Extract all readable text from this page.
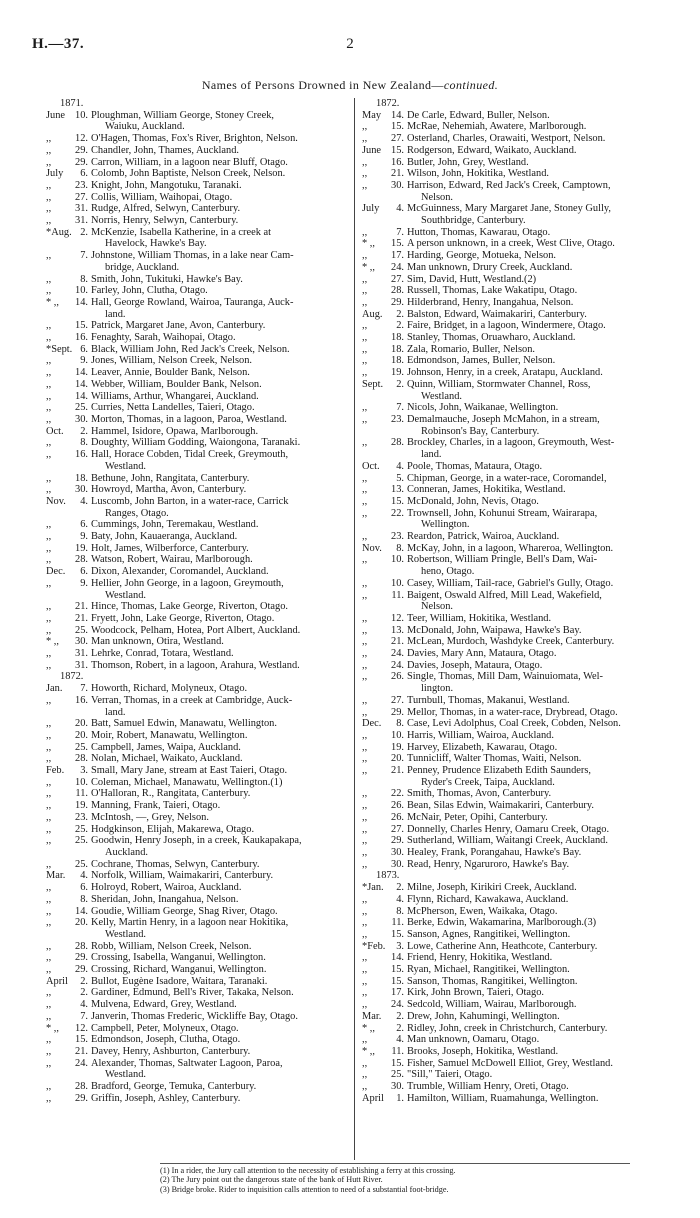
H.—37.	2
Names of Persons Drowned in New Zealand—continued.
1871.
June 10. Ploughman, William George, Stoney Creek,
Waiuku, Auckland.
,,	12. O'Hagen, Thomas, Fox's River, Brighton, Nelson.
,,	29. Chandler, John, Thames, Auckland.
,,	29. Carron, William, in a lagoon near Bluff, Otago.
July	6. Colomb, John Baptiste, Nelson Creek, Nelson.
,,	23. Knight, John, Mangotuku, Taranaki.
,,	27. Collis, William, Waihopai, Otago.
,,	31. Rudge, Alfred, Selwyn, Canterbury.
,,	31. Norris, Henry, Selwyn, Canterbury.
*Aug. 2. McKenzie, Isabella Katherine, in a creek at
Havelock, Hawke's Bay.
,,	7. Johnstone, William Thomas, in a lake near Cam-
bridge, Auckland.
,,	8. Smith, John, Tukituki, Hawke's Bay.
,,	10. Farley, John, Clutha, Otago.
* ,,	14. Hall, George Rowland, Wairoa, Tauranga, Auck-
land.
,,	15. Patrick, Margaret Jane, Avon, Canterbury.
,,	16. Fenaghty, Sarah, Waihopai, Otago.
*Sept. 6. Black, William John, Red Jack's Creek, Nelson.
,,	9. Jones, William, Nelson Creek, Nelson.
,,	14. Leaver, Annie, Boulder Bank, Nelson.
,,	14. Webber, William, Boulder Bank, Nelson.
,,	14. Williams, Arthur, Whangarei, Auckland.
,,	25. Curries, Netta Landelles, Taieri, Otago.
,,	30. Morton, Thomas, in a lagoon, Paroa, Westland.
Oct.	2. Hammel, Isidore, Opawa, Marlborough.
,,	8. Doughty, William Godding, Waiongona, Taranaki.
,,	16. Hall, Horace Cobden, Tidal Creek, Greymouth,
Westland.
,,	18. Bethune, John, Rangitata, Canterbury.
,,	30. Howroyd, Martha, Avon, Canterbury.
Nov.	4. Luscomb, John Barton, in a water-race, Carrick
Ranges, Otago.
,,	6. Cummings, John, Teremakau, Westland.
,,	9. Baty, John, Kauaeranga, Auckland.
,,	19. Holt, James, Wilberforce, Canterbury.
,,	28. Watson, Robert, Wairau, Marlborough.
Dec.	6. Dixon, Alexander, Coromandel, Auckland.
,,	9. Hellier, John George, in a lagoon, Greymouth,
Westland.
,,	21. Hince, Thomas, Lake George, Riverton, Otago.
,,	21. Fryett, John, Lake George, Riverton, Otago.
,,	25. Woodcock, Pelham, Hotea, Port Albert, Auckland.
* ,,	30. Man unknown, Otira, Westland.
,,	31. Lehrke, Conrad, Totara, Westland.
,,	31. Thomson, Robert, in a lagoon, Arahura, Westland.
1872.
Jan.	7. Howorth, Richard, Molyneux, Otago.
,,	16. Verran, Thomas, in a creek at Cambridge, Auck-
land.
,,	20. Batt, Samuel Edwin, Manawatu, Wellington.
,,	20. Moir, Robert, Manawatu, Wellington.
,,	25. Campbell, James, Waipa, Auckland.
,,	28. Nolan, Michael, Waikato, Auckland.
Feb.	3. Small, Mary Jane, stream at East Taieri, Otago.
,,	10. Coleman, Michael, Manawatu, Wellington.(1)
,,	11. O'Halloran, R., Rangitata, Canterbury.
,,	19. Manning, Frank, Taieri, Otago.
,,	23. McIntosh, —, Grey, Nelson.
,,	25. Hodgkinson, Elijah, Makarewa, Otago.
,,	25. Goodwin, Henry Joseph, in a creek, Kaukapakapa,
Auckland.
,,	25. Cochrane, Thomas, Selwyn, Canterbury.
Mar.	4. Norfolk, William, Waimakariri, Canterbury.
,,	6. Holroyd, Robert, Wairoa, Auckland.
,,	8. Sheridan, John, Inangahua, Nelson.
,,	14. Goudie, William George, Shag River, Otago.
,,	20. Kelly, Martin Henry, in a lagoon near Hokitika,
Westland.
,,	28. Robb, William, Nelson Creek, Nelson.
,,	29. Crossing, Isabella, Wanganui, Wellington.
,,	29. Crossing, Richard, Wanganui, Wellington.
April	2. Bullot, Eugène Isadore, Waitara, Taranaki.
,,	2. Gardiner, Edmund, Bell's River, Takaka, Nelson.
,,	4. Mulvena, Edward, Grey, Westland.
,,	7. Janverin, Thomas Frederic, Wickliffe Bay, Otago.
* ,,	12. Campbell, Peter, Molyneux, Otago.
,,	15. Edmondson, Joseph, Clutha, Otago.
,,	21. Davey, Henry, Ashburton, Canterbury.
,,	24. Alexander, Thomas, Saltwater Lagoon, Paroa,
Westland.
,,	28. Bradford, George, Temuka, Canterbury.
,,	29. Griffin, Joseph, Ashley, Canterbury.
1872.
May 14. De Carle, Edward, Buller, Nelson.
,,	15. McRae, Nehemiah, Awatere, Marlborough.
,,	27. Osterland, Charles, Orawaiti, Westport, Nelson.
June 15. Rodgerson, Edward, Waikato, Auckland.
,,	16. Butler, John, Grey, Westland.
,,	21. Wilson, John, Hokitika, Westland.
,,	30. Harrison, Edward, Red Jack's Creek, Camptown,
Nelson.
July	4. McGuinness, Mary Margaret Jane, Stoney Gully,
Southbridge, Canterbury.
,,	7. Hutton, Thomas, Kawarau, Otago.
* ,,	15. A person unknown, in a creek, West Clive, Otago.
,,	17. Harding, George, Motueka, Nelson.
* ,,	24. Man unknown, Drury Creek, Auckland.
,,	27. Sim, David, Hutt, Westland.(2)
,,	28. Russell, Thomas, Lake Wakatipu, Otago.
,,	29. Hilderbrand, Henry, Inangahua, Nelson.
Aug.	2. Balston, Edward, Waimakariri, Canterbury.
,,	2. Faire, Bridget, in a lagoon, Windermere, Otago.
,,	18. Stanley, Thomas, Oruawharo, Auckland.
,,	18. Zala, Romario, Buller, Nelson.
,,	18. Edmondson, James, Buller, Nelson.
,,	19. Johnson, Henry, in a creek, Aratapu, Auckland.
Sept.	2. Quinn, William, Stormwater Channel, Ross,
Westland.
,,	7. Nicols, John, Waikanae, Wellington.
,,	23. Demalmauche, Joseph McMahon, in a stream,
Robinson's Bay, Canterbury.
,,	28. Brockley, Charles, in a lagoon, Greymouth, West-
land.
Oct.	4. Poole, Thomas, Mataura, Otago.
,,	5. Chipman, George, in a water-race, Coromandel,
,,	13. Conneran, James, Hokitika, Westland.
,,	15. McDonald, John, Nevis, Otago.
,,	22. Trownsell, John, Kohunui Stream, Wairarapa,
Wellington.
,,	23. Reardon, Patrick, Wairoa, Auckland.
Nov.	8. McKay, John, in a lagoon, Whareroa, Wellington.
,,	10. Robertson, William Pringle, Bell's Dam, Wai-
heno, Otago.
,,	10. Casey, William, Tail-race, Gabriel's Gully, Otago.
,,	11. Baigent, Oswald Alfred, Mill Lead, Wakefield,
Nelson.
,,	12. Teer, William, Hokitika, Westland.
,,	13. McDonald, John, Waipawa, Hawke's Bay.
,,	21. McLean, Murdoch, Washdyke Creek, Canterbury.
,,	24. Davies, Mary Ann, Mataura, Otago.
,,	24. Davies, Joseph, Mataura, Otago.
,,	26. Single, Thomas, Mill Dam, Wainuiomata, Wel-
lington.
,,	27. Turnbull, Thomas, Makanui, Westland.
,,	29. Mellor, Thomas, in a water-race, Drybread, Otago.
Dec.	8. Case, Levi Adolphus, Coal Creek, Cobden, Nelson.
,,	10. Harris, William, Wairoa, Auckland.
,,	19. Harvey, Elizabeth, Kawarau, Otago.
,,	20. Tunnicliff, Walter Thomas, Waiti, Nelson.
,,	21. Penney, Prudence Elizabeth Edith Saunders,
Ryder's Creek, Taipa, Auckland.
,,	22. Smith, Thomas, Avon, Canterbury.
,,	26. Bean, Silas Edwin, Waimakariri, Canterbury.
,,	26. McNair, Peter, Opihi, Canterbury.
,,	27. Donnelly, Charles Henry, Oamaru Creek, Otago.
,,	29. Sutherland, William, Waitangi Creek, Auckland.
,,	30. Healey, Frank, Porangahau, Hawke's Bay.
,,	30. Read, Henry, Ngaruroro, Hawke's Bay.
1873.
*Jan.	2. Milne, Joseph, Kirikiri Creek, Auckland.
,,	4. Flynn, Richard, Kawakawa, Auckland.
,,	8. McPherson, Ewen, Waikaka, Otago.
,,	11. Berke, Edwin, Wakamarina, Marlborough.(3)
,,	15. Sanson, Agnes, Rangitikei, Wellington.
*Feb.	3. Lowe, Catherine Ann, Heathcote, Canterbury.
,,	14. Friend, Henry, Hokitika, Westland.
,,	15. Ryan, Michael, Rangitikei, Wellington.
,,	15. Sanson, Thomas, Rangitikei, Wellington.
,,	17. Kirk, John Brown, Taieri, Otago.
,,	24. Sedcold, William, Wairau, Marlborough.
Mar.	2. Drew, John, Kahumingi, Wellington.
* ,,	2. Ridley, John, creek in Christchurch, Canterbury.
,,	4. Man unknown, Oamaru, Otago.
* ,,	11. Brooks, Joseph, Hokitika, Westland.
,,	15. Fisher, Samuel McDowell Elliot, Grey, Westland.
,,	25. "Sill," Taieri, Otago.
,,	30. Trumble, William Henry, Oreti, Otago.
April	1. Hamilton, William, Ruamahunga, Wellington.
(1) In a rider, the Jury call attention to the necessity of establishing a ferry at this crossing.
(2) The Jury point out the dangerous state of the bank of Hutt River.
(3) Bridge broke. Rider to inquisition calls attention to need of a substantial foot-bridge.
